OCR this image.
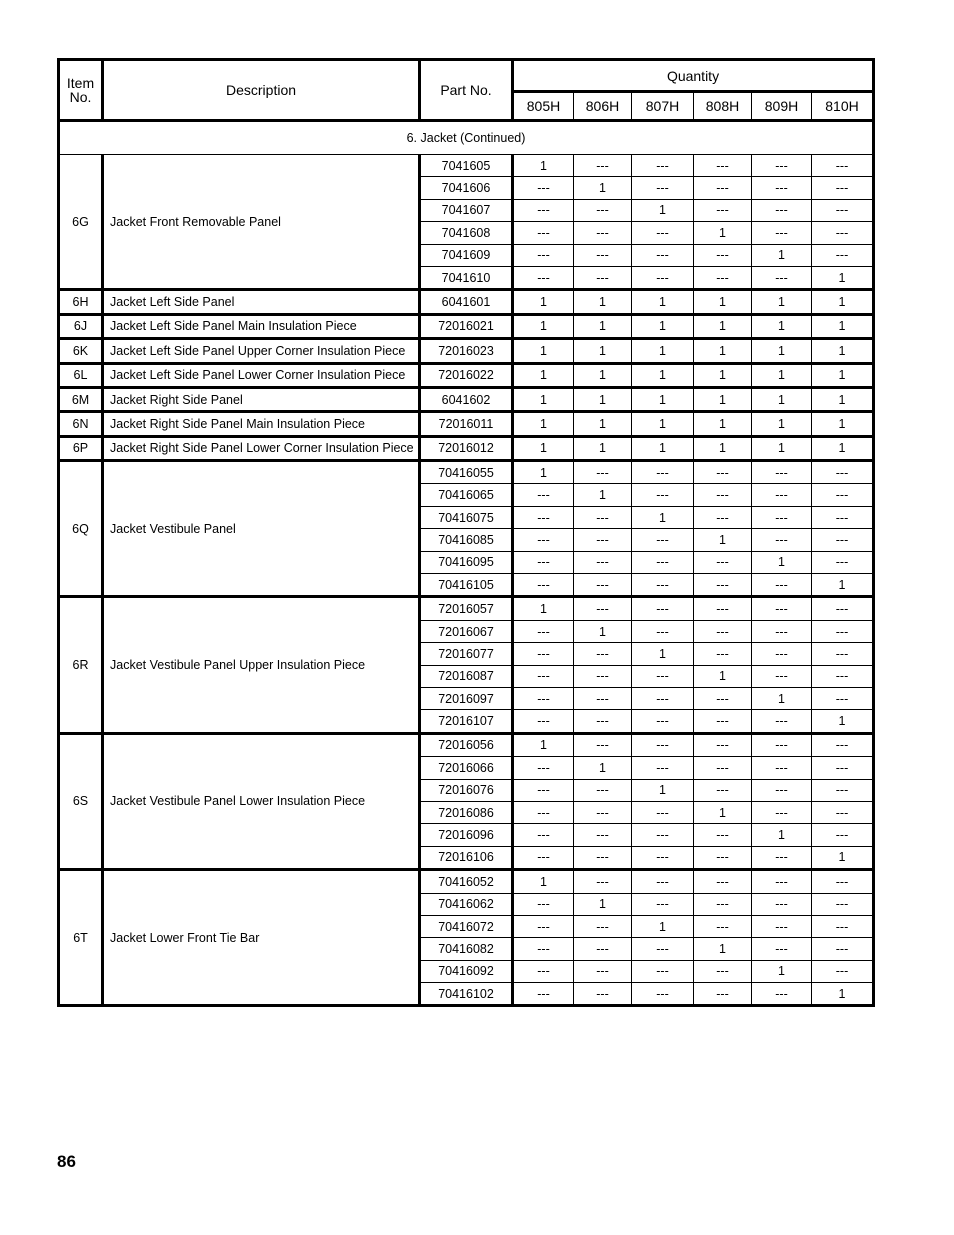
Item
No.	Description	Part No.	Quantity					
			805H	806H	807H	808H	809H	810H
6. Jacket (Continued)								
6G	Jacket Front Removable Panel	7041605	1	---	---	---	---	---
		7041606	---	1	---	---	---	---
		7041607	---	---	1	---	---	---
		7041608	---	---	---	1	---	---
		7041609	---	---	---	---	1	---
		7041610	---	---	---	---	---	1
6H	Jacket Left Side Panel	6041601	1	1	1	1	1	1
6J	Jacket Left Side Panel Main Insulation Piece	72016021	1	1	1	1	1	1
6K	Jacket Left Side Panel Upper Corner Insulation Piece	72016023	1	1	1	1	1	1
6L	Jacket Left Side Panel Lower Corner Insulation Piece	72016022	1	1	1	1	1	1
6M	Jacket Right Side Panel	6041602	1	1	1	1	1	1
6N	Jacket Right Side Panel Main Insulation Piece	72016011	1	1	1	1	1	1
6P	Jacket Right Side Panel Lower Corner Insulation Piece	72016012	1	1	1	1	1	1
6Q	Jacket Vestibule Panel	70416055	1	---	---	---	---	---
		70416065	---	1	---	---	---	---
		70416075	---	---	1	---	---	---
		70416085	---	---	---	1	---	---
		70416095	---	---	---	---	1	---
		70416105	---	---	---	---	---	1
6R	Jacket Vestibule Panel Upper Insulation Piece	72016057	1	---	---	---	---	---
		72016067	---	1	---	---	---	---
		72016077	---	---	1	---	---	---
		72016087	---	---	---	1	---	---
		72016097	---	---	---	---	1	---
		72016107	---	---	---	---	---	1
6S	Jacket Vestibule Panel Lower Insulation Piece	72016056	1	---	---	---	---	---
		72016066	---	1	---	---	---	---
		72016076	---	---	1	---	---	---
		72016086	---	---	---	1	---	---
		72016096	---	---	---	---	1	---
		72016106	---	---	---	---	---	1
6T	Jacket Lower Front Tie Bar	70416052	1	---	---	---	---	---
		70416062	---	1	---	---	---	---
		70416072	---	---	1	---	---	---
		70416082	---	---	---	1	---	---
		70416092	---	---	---	---	1	---
		70416102	---	---	---	---	---	1
86
